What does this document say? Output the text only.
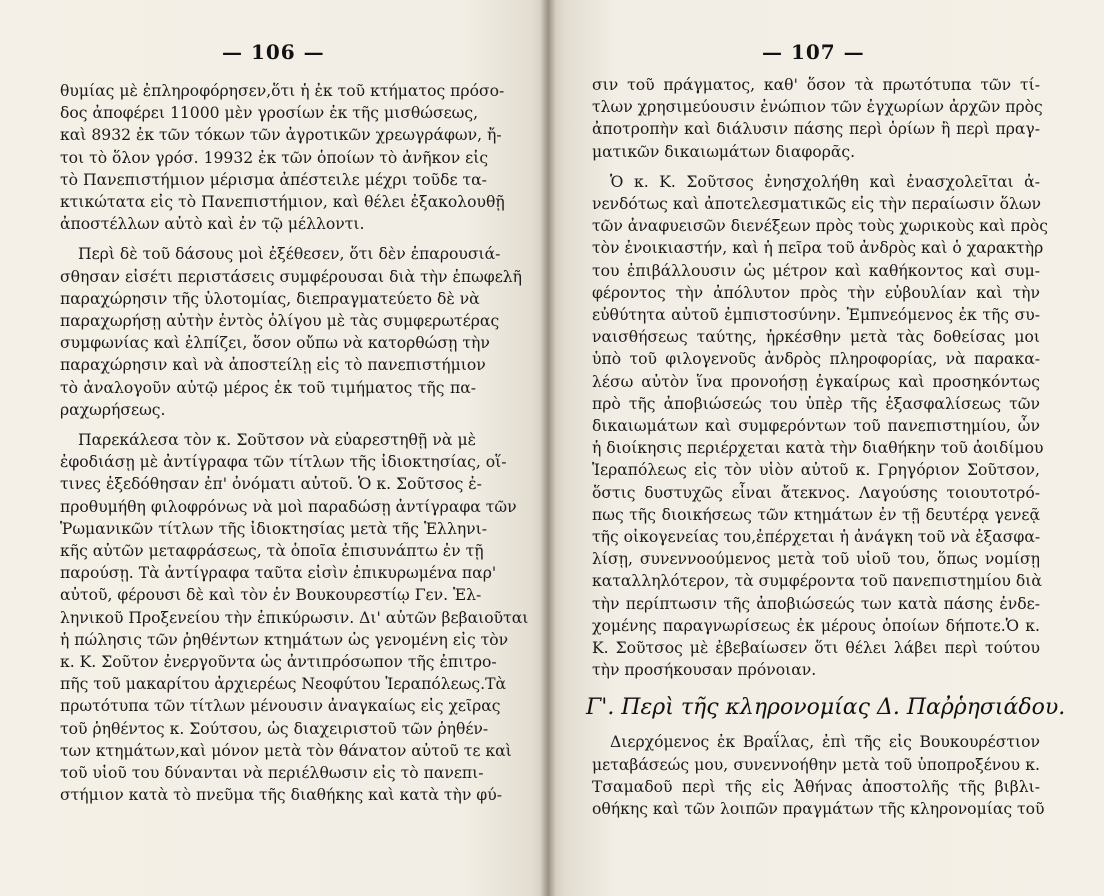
— 106 —
θυμίας μὲ ἐπληροφόρησεν,ὅτι ἡ ἐκ τοῦ κτήματος πρόσο-
δος ἀποφέρει 11000 μὲν γροσίων ἐκ τῆς μισθώσεως,
καὶ 8932 ἐκ τῶν τόκων τῶν ἀγροτικῶν χρεωγράφων, ἤ-
τοι τὸ ὅλον γρόσ. 19932 ἐκ τῶν ὁποίων τὸ ἀνῆκον εἰς
τὸ Πανεπιστήμιον μέρισμα ἀπέστειλε μέχρι τοῦδε τα-
κτικώτατα εἰς τὸ Πανεπιστήμιον, καὶ θέλει ἐξακολουθῇ
ἀποστέλλων αὐτὸ καὶ ἐν τῷ μέλλοντι.
Περὶ δὲ τοῦ δάσους μοὶ ἐξέθεσεν, ὅτι δὲν ἐπαρουσιά-
σθησαν εἰσέτι περιστάσεις συμφέρουσαι διὰ τὴν ἐπωφελῆ
παραχώρησιν τῆς ὑλοτομίας, διεπραγματεύετο δὲ νὰ
παραχωρήσῃ αὐτὴν ἐντὸς ὀλίγου μὲ τὰς συμφερωτέρας
συμφωνίας καὶ ἐλπίζει, ὅσον οὔπω νὰ κατορθώσῃ τὴν
παραχώρησιν καὶ νὰ ἀποστείλῃ εἰς τὸ πανεπιστήμιον
τὸ ἀναλογοῦν αὐτῷ μέρος ἐκ τοῦ τιμήματος τῆς πα-
ραχωρήσεως.
Παρεκάλεσα τὸν κ. Σοῦτσον νὰ εὐαρεστηθῇ νὰ μὲ
ἐφοδιάσῃ μὲ ἀντίγραφα τῶν τίτλων τῆς ἰδιοκτησίας, οἵ-
τινες ἐξεδόθησαν ἐπ' ὀνόματι αὐτοῦ. Ὁ κ. Σοῦτσος ἐ-
προθυμήθη φιλοφρόνως νὰ μοὶ παραδώσῃ ἀντίγραφα τῶν
Ῥωμανικῶν τίτλων τῆς ἰδιοκτησίας μετὰ τῆς Ἑλληνι-
κῆς αὐτῶν μεταφράσεως, τὰ ὁποῖα ἐπισυνάπτω ἐν τῇ
παρούσῃ. Τὰ ἀντίγραφα ταῦτα εἰσὶν ἐπικυρωμένα παρ'
αὐτοῦ, φέρουσι δὲ καὶ τὸν ἐν Βουκουρεστίῳ Γεν. Ἑλ-
ληνικοῦ Προξενείου τὴν ἐπικύρωσιν. Δι' αὐτῶν βεβαιοῦται
ἡ πώλησις τῶν ῥηθέντων κτημάτων ὡς γενομένη εἰς τὸν
κ. Κ. Σοῦτον ἐνεργοῦντα ὡς ἀντιπρόσωπον τῆς ἐπιτρο-
πῆς τοῦ μακαρίτου ἀρχιερέως Νεοφύτου Ἱεραπόλεως.Τὰ
πρωτότυπα τῶν τίτλων μένουσιν ἀναγκαίως εἰς χεῖρας
τοῦ ῥηθέντος κ. Σούτσου, ὡς διαχειριστοῦ τῶν ῥηθέν-
των κτημάτων,καὶ μόνον μετὰ τὸν θάνατον αὐτοῦ τε καὶ
τοῦ υἱοῦ του δύνανται νὰ περιέλθωσιν εἰς τὸ πανεπι-
στήμιον κατὰ τὸ πνεῦμα τῆς διαθήκης καὶ κατὰ τὴν φύ-
— 107 —
σιν τοῦ πράγματος, καθ' ὅσον τὰ πρωτότυπα τῶν τί-
τλων χρησιμεύουσιν ἐνώπιον τῶν ἐγχωρίων ἀρχῶν πρὸς
ἀποτροπὴν καὶ διάλυσιν πάσης περὶ ὁρίων ἢ περὶ πραγ-
ματικῶν δικαιωμάτων διαφορᾶς.
Ὁ κ. Κ. Σοῦτσος ἐνησχολήθη καὶ ἐνασχολεῖται ἀ-
νενδότως καὶ ἀποτελεσματικῶς εἰς τὴν περαίωσιν ὅλων
τῶν ἀναφυεισῶν διενέξεων πρὸς τοὺς χωρικοὺς καὶ πρὸς
τὸν ἐνοικιαστήν, καὶ ἡ πεῖρα τοῦ ἀνδρὸς καὶ ὁ χαρακτὴρ
του ἐπιβάλλουσιν ὡς μέτρον καὶ καθήκοντος καὶ συμ-
φέροντος τὴν ἀπόλυτον πρὸς τὴν εὐβουλίαν καὶ τὴν
εὐθύτητα αὐτοῦ ἐμπιστοσύνην. Ἐμπνεόμενος ἐκ τῆς συ-
ναισθήσεως ταύτης, ἠρκέσθην μετὰ τὰς δοθείσας μοι
ὑπὸ τοῦ φιλογενοῦς ἀνδρὸς πληροφορίας, νὰ παρακα-
λέσω αὐτὸν ἵνα προνοήσῃ ἐγκαίρως καὶ προσηκόντως
πρὸ τῆς ἀποβιώσεώς του ὑπὲρ τῆς ἐξασφαλίσεως τῶν
δικαιωμάτων καὶ συμφερόντων τοῦ πανεπιστημίου, ὧν
ἡ διοίκησις περιέρχεται κατὰ τὴν διαθήκην τοῦ ἀοιδίμου
Ἱεραπόλεως εἰς τὸν υἱὸν αὐτοῦ κ. Γρηγόριον Σοῦτσον,
ὅστις δυστυχῶς εἶναι ἄτεκνος. Λαγούσης τοιουτοτρό-
πως τῆς διοικήσεως τῶν κτημάτων ἐν τῇ δευτέρᾳ γενεᾷ
τῆς οἰκογενείας του,ἐπέρχεται ἡ ἀνάγκη τοῦ νὰ ἐξασφα-
λίσῃ, συνεννοούμενος μετὰ τοῦ υἱοῦ του, ὅπως νομίσῃ
καταλληλότερον, τὰ συμφέροντα τοῦ πανεπιστημίου διὰ
τὴν περίπτωσιν τῆς ἀποβιώσεώς των κατὰ πάσης ἐνδε-
χομένης παραγνωρίσεως ἐκ μέρους ὁποίων δήποτε.Ὁ κ.
Κ. Σοῦτσος μὲ ἐβεβαίωσεν ὅτι θέλει λάβει περὶ τούτου
τὴν προσήκουσαν πρόνοιαν.
Γ'. Περὶ τῆς κληρονομίας Δ. Παῤῥησιάδου.
Διερχόμενος ἐκ Βραΐλας, ἐπὶ τῆς εἰς Βουκουρέστιον
μεταβάσεώς μου, συνεννοήθην μετὰ τοῦ ὑποπροξένου κ.
Τσαμαδοῦ περὶ τῆς εἰς Ἀθήνας ἀποστολῆς τῆς βιβλι-
οθήκης καὶ τῶν λοιπῶν πραγμάτων τῆς κληρονομίας τοῦ
